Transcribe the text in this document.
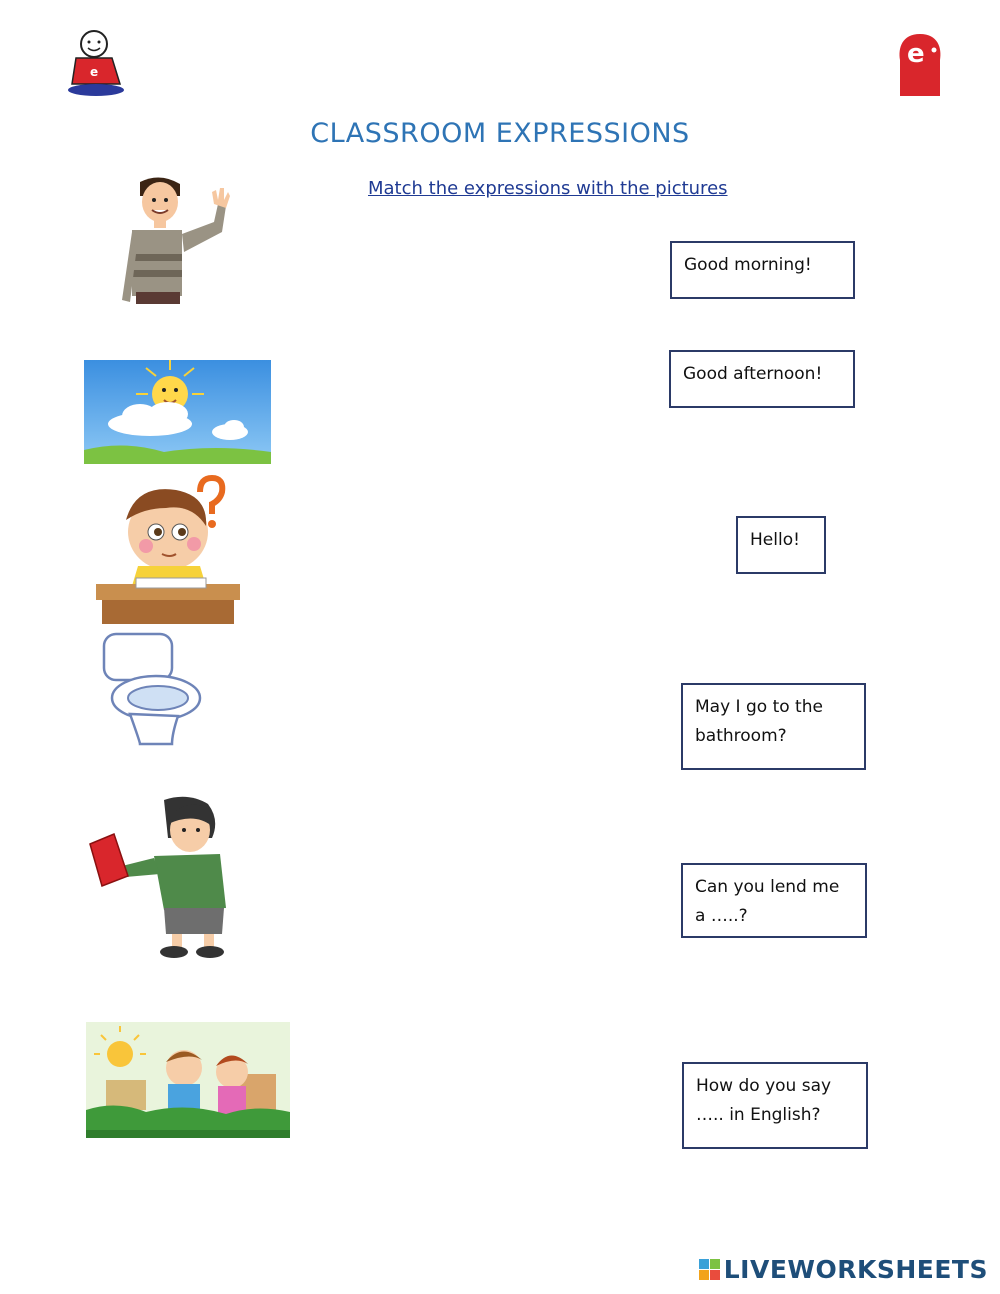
e
e
CLASSROOM EXPRESSIONS
Match the expressions with the pictures
Good morning!
Good afternoon!
Hello!
May I go to the
bathroom?
Can you lend me
a …..?
How do you say
….. in English?
LIVEWORKSHEETS
